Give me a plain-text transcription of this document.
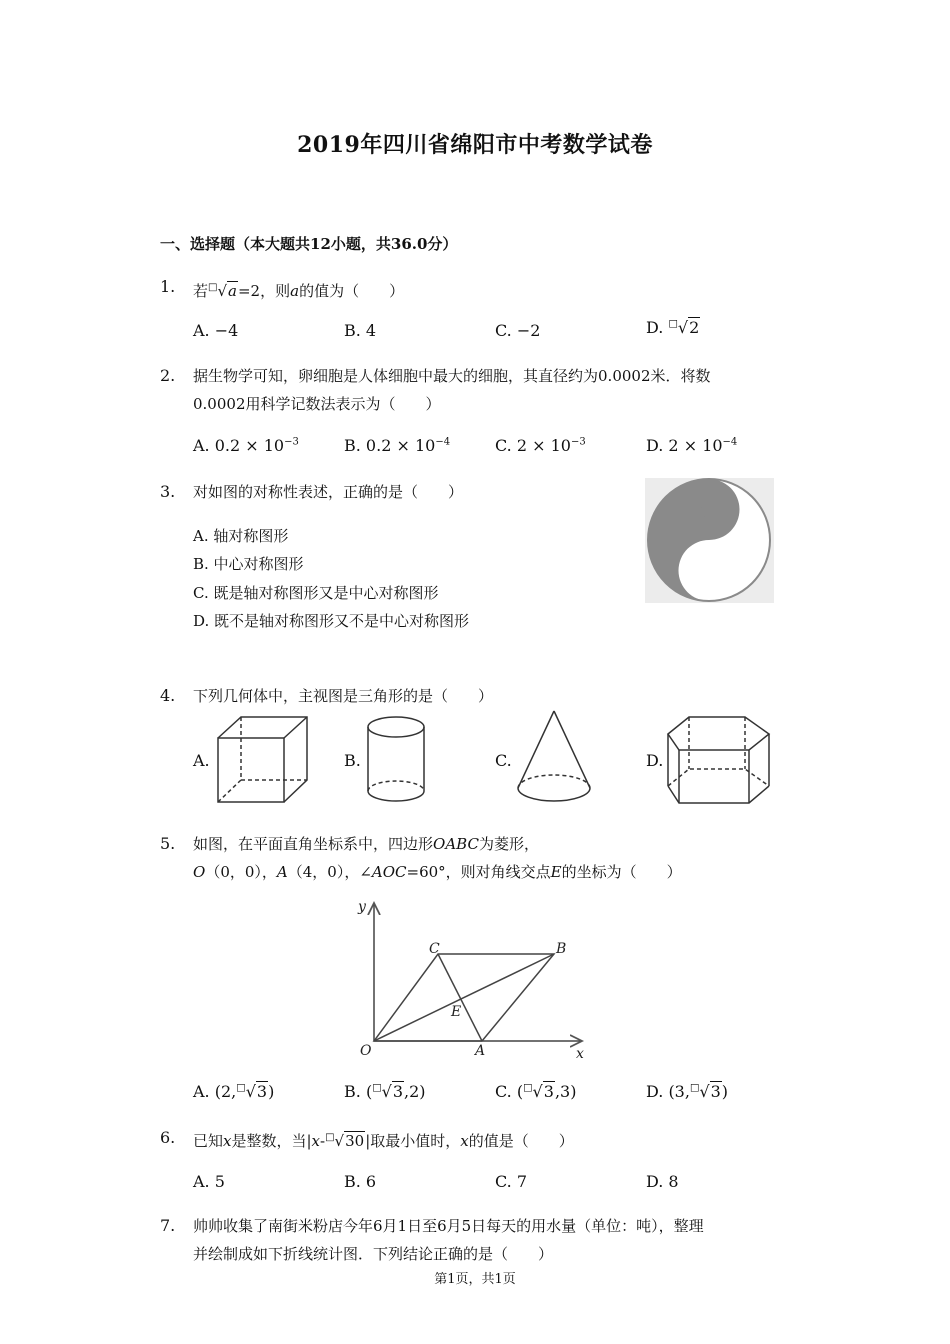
2019年四川省绵阳市中考数学试卷
一、选择题（本大题共12小题，共36.0分）
1. 若□√a=2，则a的值为（　　）
A. −4	B. 4	C. −2	D. □√2
2. 据生物学可知，卵细胞是人体细胞中最大的细胞，其直径约为0.0002米．将数
0.0002用科学记数法表示为（　　）
A. $0.2 \times 10^{-3}$	B. $0.2 \times 10^{-4}$	C. $2 \times 10^{-3}$	D. $2 \times 10^{-4}$
3. 对如图的对称性表述，正确的是（　　）
A. 轴对称图形
B. 中心对称图形
C. 既是轴对称图形又是中心对称图形
D. 既不是轴对称图形又不是中心对称图形
4. 下列几何体中，主视图是三角形的是（　　）
A.	B.	C.	D.
5. 如图，在平面直角坐标系中，四边形OABC为菱形，
O（0，0），A（4，0），∠AOC=60°，则对角线交点E的坐标为（　　）
y
x
O	A
B
C
E
A. (2,□√3)	B. (□√3,2)	C. (□√3,3)	D. (3,□√3)
6. 已知x是整数，当|x-□√30|取最小值时，x的值是（　　）
A. 5	B. 6	C. 7	D. 8
7. 帅帅收集了南街米粉店今年6月1日至6月5日每天的用水量（单位：吨），整理
并绘制成如下折线统计图．下列结论正确的是（　　）
第1页，共1页
